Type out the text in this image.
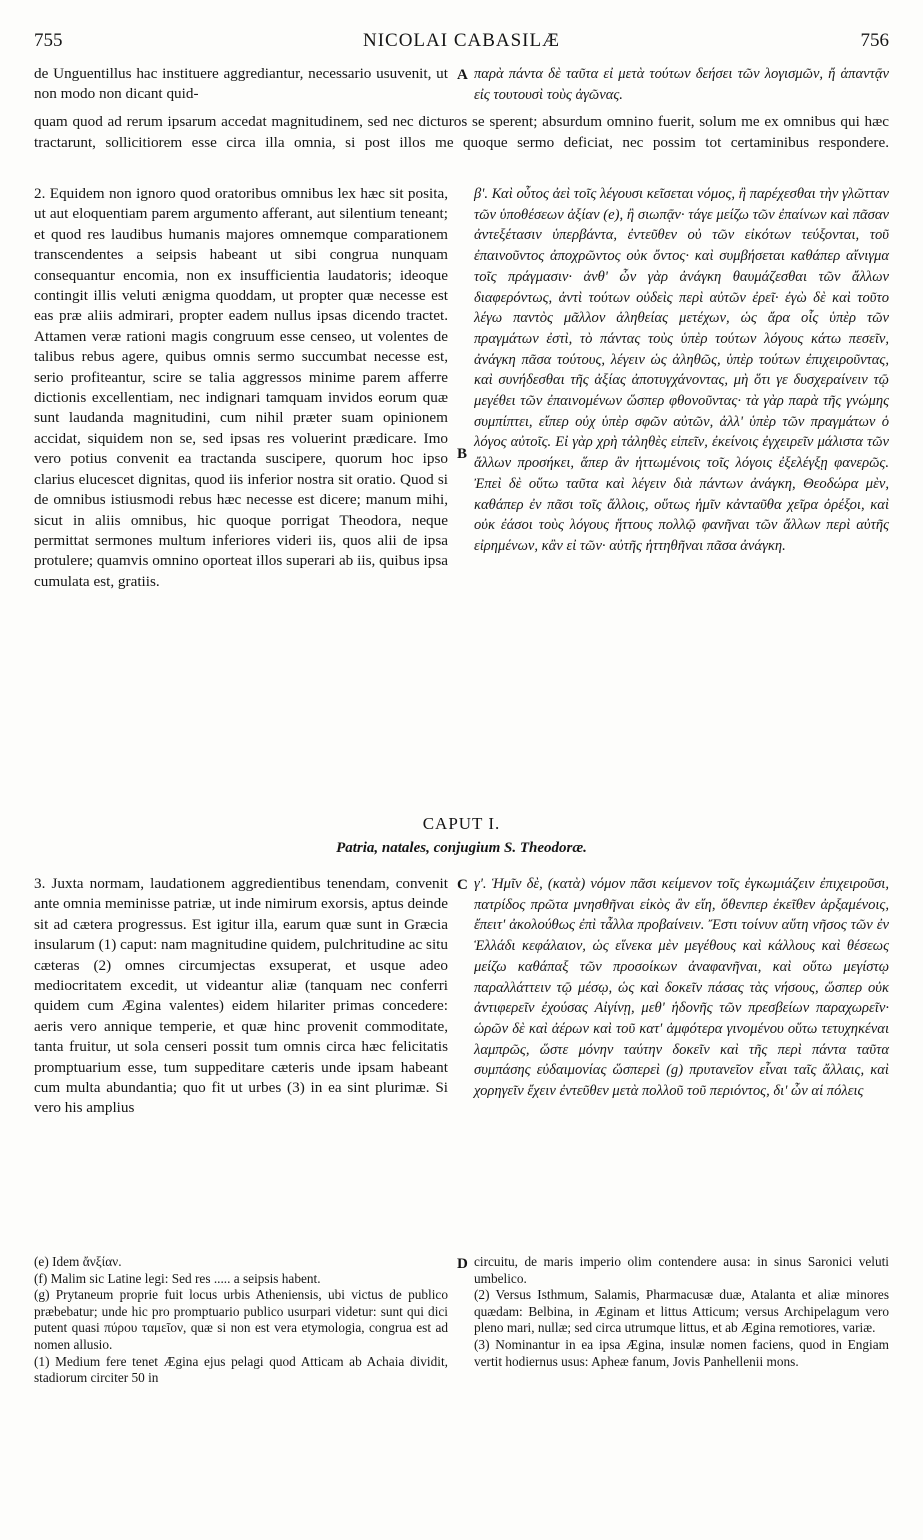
755	NICOLAI CABASILÆ	756
de Unguentillus hac instituere aggrediantur, necessario usuvenit, ut non modo non dicant quid-
A παρὰ πάντα δὲ ταῦτα εἰ μετὰ τούτων δεήσει τῶν λογισμῶν, ἤ ἁπαντᾷν εἰς τουτουσὶ τοὺς ἀγῶνας.
quam quod ad rerum ipsarum accedat magnitudinem, sed nec dicturos se sperent; absurdum omnino fuerit, solum me ex omnibus qui hæc tractarunt, sollicitiorem esse circa illa omnia, si post illos me quoque sermo deficiat, nec possim tot certaminibus respondere.
2. Equidem non ignoro quod oratoribus omnibus lex hæc sit posita, ut aut eloquentiam parem argumento afferant, aut silentium teneant; et quod res laudibus humanis majores omnemque comparationem transcendentes a seipsis habeant ut sibi congrua nunquam consequantur encomia, non ex insufficientia laudatoris; ideoque contingit illis veluti ænigma quoddam, ut propter quæ necesse est eas præ aliis admirari, propter eadem nullus ipsas dicendo tractet. Attamen veræ rationi magis congruum esse censeo, ut volentes de talibus rebus agere, quibus omnis sermo succumbat necesse est, serio profiteantur, scire se talia aggressos minime parem afferre dictionis excellentiam, nec indignari tamquam invidos eorum quæ sunt laudanda magnitudini, cum nihil præter suam opinionem accidat, siquidem non se, sed ipsas res voluerint prædicare. Imo vero potius convenit ea tractanda suscipere, quorum hoc ipso clarius elucescet dignitas, quod iis inferior nostra sit oratio. Quod si de omnibus istiusmodi rebus hæc necesse est dicere; manum mihi, sicut in aliis omnibus, hic quoque porrigat Theodora, neque permittat sermones multum inferiores videri iis, quos alii de ipsa protulere; quamvis omnino oporteat illos superari ab iis, quibus ipsa cumulata est, gratiis.
B
β'. Καὶ οὗτος ἀεὶ τοῖς λέγουσι κεῖσεται νόμος, ἢ παρέχεσθαι τὴν γλῶτταν τῶν ὑποθέσεων ἀξίαν (e), ἢ σιωπᾷν· τάγε μείζω τῶν ἐπαίνων καὶ πᾶσαν ἀντεξέτασιν ὑπερβάντα, ἐντεῦθεν οὐ τῶν εἰκότων τεύξονται, τοῦ ἐπαινοῦντος ἀποχρῶντος οὐκ ὄντος· καὶ συμβήσεται καθάπερ αἴνιγμα τοῖς πράγμασιν· ἀνθ' ὧν γὰρ ἀνάγκη θαυμάζεσθαι τῶν ἄλλων διαφερόντως, ἀντὶ τούτων οὐδεὶς περὶ αὐτῶν ἐρεῖ· ἐγὼ δὲ καὶ τοῦτο λέγω παντὸς μᾶλλον ἀληθείας μετέχων, ὡς ἄρα οἷς ὑπὲρ τῶν πραγμάτων ἐστὶ, τὸ πάντας τοὺς ὑπὲρ τούτων λόγους κάτω πεσεῖν, ἀνάγκη πᾶσα τούτους, λέγειν ὡς ἀληθῶς, ὑπὲρ τούτων ἐπιχειροῦντας, καὶ συνήδεσθαι τῆς ἀξίας ἀποτυγχάνοντας, μὴ ὅτι γε δυσχεραίνειν τῷ μεγέθει τῶν ἐπαινομένων ὥσπερ φθονοῦντας· τὰ γὰρ παρὰ τῆς γνώμης συμπίπτει, εἴπερ οὐχ ὑπὲρ σφῶν αὐτῶν, ἀλλ' ὑπὲρ τῶν πραγμάτων ὁ λόγος αὐτοῖς. Εἰ γὰρ χρὴ τἀληθὲς εἰπεῖν, ἐκείνοις ἐγχειρεῖν μάλιστα τῶν ἄλλων προσήκει, ἅπερ ἂν ἡττωμένοις τοῖς λόγοις ἐξελέγξῃ φανερῶς. Ἐπεὶ δὲ οὕτω ταῦτα καὶ λέγειν διὰ πάντων ἀνάγκη, Θεοδώρα μὲν, καθάπερ ἐν πᾶσι τοῖς ἄλλοις, οὕτως ἡμῖν κἀνταῦθα χεῖρα ὀρέξοι, καὶ οὐκ ἐάσοι τοὺς λόγους ἥττους πολλῷ φανῆναι τῶν ἄλλων περὶ αὐτῆς εἰρημένων, κἂν εἰ τῶν· αὐτῆς ἡττηθῆναι πᾶσα ἀνάγκη.
CAPUT I.
Patria, natales, conjugium S. Theodoræ.
3. Juxta normam, laudationem aggredientibus tenendam, convenit ante omnia meminisse patriæ, ut inde nimirum exorsis, aptus deinde sit ad cætera progressus. Est igitur illa, earum quæ sunt in Græcia insularum (1) caput: nam magnitudine quidem, pulchritudine ac situ cæteras (2) omnes circumjectas exsuperat, et usque adeo mediocritatem excedit, ut videantur aliæ (tanquam nec conferri quidem cum Ægina valentes) eidem hilariter primas concedere: aeris vero annique temperie, et quæ hinc provenit commoditate, tanta fruitur, ut sola censeri possit tum omnis circa hæc felicitatis promptuarium esse, tum suppeditare cæteris unde ipsam habeant cum multa abundantia; quo fit ut urbes (3) in ea sint plurimæ. Si vero his amplius
C γ'. Ἡμῖν δὲ, (κατὰ) νόμον πᾶσι κείμενον τοῖς ἐγκωμιάζειν ἐπιχειροῦσι, πατρίδος πρῶτα μνησθῆναι εἰκὸς ἂν εἴη, ὅθενπερ ἐκεῖθεν ἀρξαμένοις, ἔπειτ' ἀκολούθως ἐπὶ τἆλλα προβαίνειν. Ἔστι τοίνυν αὕτη νῆσος τῶν ἐν Ἑλλάδι κεφάλαιον, ὡς εἵνεκα μὲν μεγέθους καὶ κάλλους καὶ θέσεως μείζω καθάπαξ τῶν προσοίκων ἀναφανῆναι, καὶ οὕτω μεγίστῳ παραλλάττειν τῷ μέσῳ, ὡς καὶ δοκεῖν πάσας τὰς νήσους, ὥσπερ οὐκ ἀντιφερεῖν ἐχούσας Αἰγίνῃ, μεθ' ἡδονῆς τῶν πρεσβείων παραχωρεῖν· ὡρῶν δὲ καὶ ἀέρων καὶ τοῦ κατ' ἀμφότερα γινομένου οὕτω τετυχηκέναι λαμπρῶς, ὥστε μόνην ταύτην δοκεῖν καὶ τῆς περὶ πάντα ταῦτα συμπάσης εὐδαιμονίας ὥσπερεὶ (g) πρυτανεῖον εἶναι ταῖς ἄλλαις, καὶ χορηγεῖν ἔχειν ἐντεῦθεν μετὰ πολλοῦ τοῦ περιόντος, δι' ὧν αἱ πόλεις

(e) Idem ἄνξίαν.

(f) Malim sic Latine legi: Sed res ..... a seipsis habent.

(g) Prytaneum proprie fuit locus urbis Atheniensis, ubi victus de publico præbebatur; unde hic pro promptuario publico usurpari videtur: sunt qui dici putent quasi πύρου ταμεῖον, quæ si non est vera etymologia, congrua est ad nomen allusio.

(1) Medium fere tenet Ægina ejus pelagi quod Atticam ab Achaia dividit, stadiorum circiter 50 in

D circuitu, de maris imperio olim contendere ausa: in sinus Saronici veluti umbelico.

(2) Versus Isthmum, Salamis, Pharmacusæ duæ, Atalanta et aliæ minores quædam: Belbina, in Æginam et littus Atticum; versus Archipelagum vero pleno mari, nullæ; sed circa utrumque littus, et ab Ægina remotiores, variæ.

(3) Nominantur in ea ipsa Ægina, insulæ nomen faciens, quod in Engiam vertit hodiernus usus: Apheæ fanum, Jovis Panhellenii mons.
